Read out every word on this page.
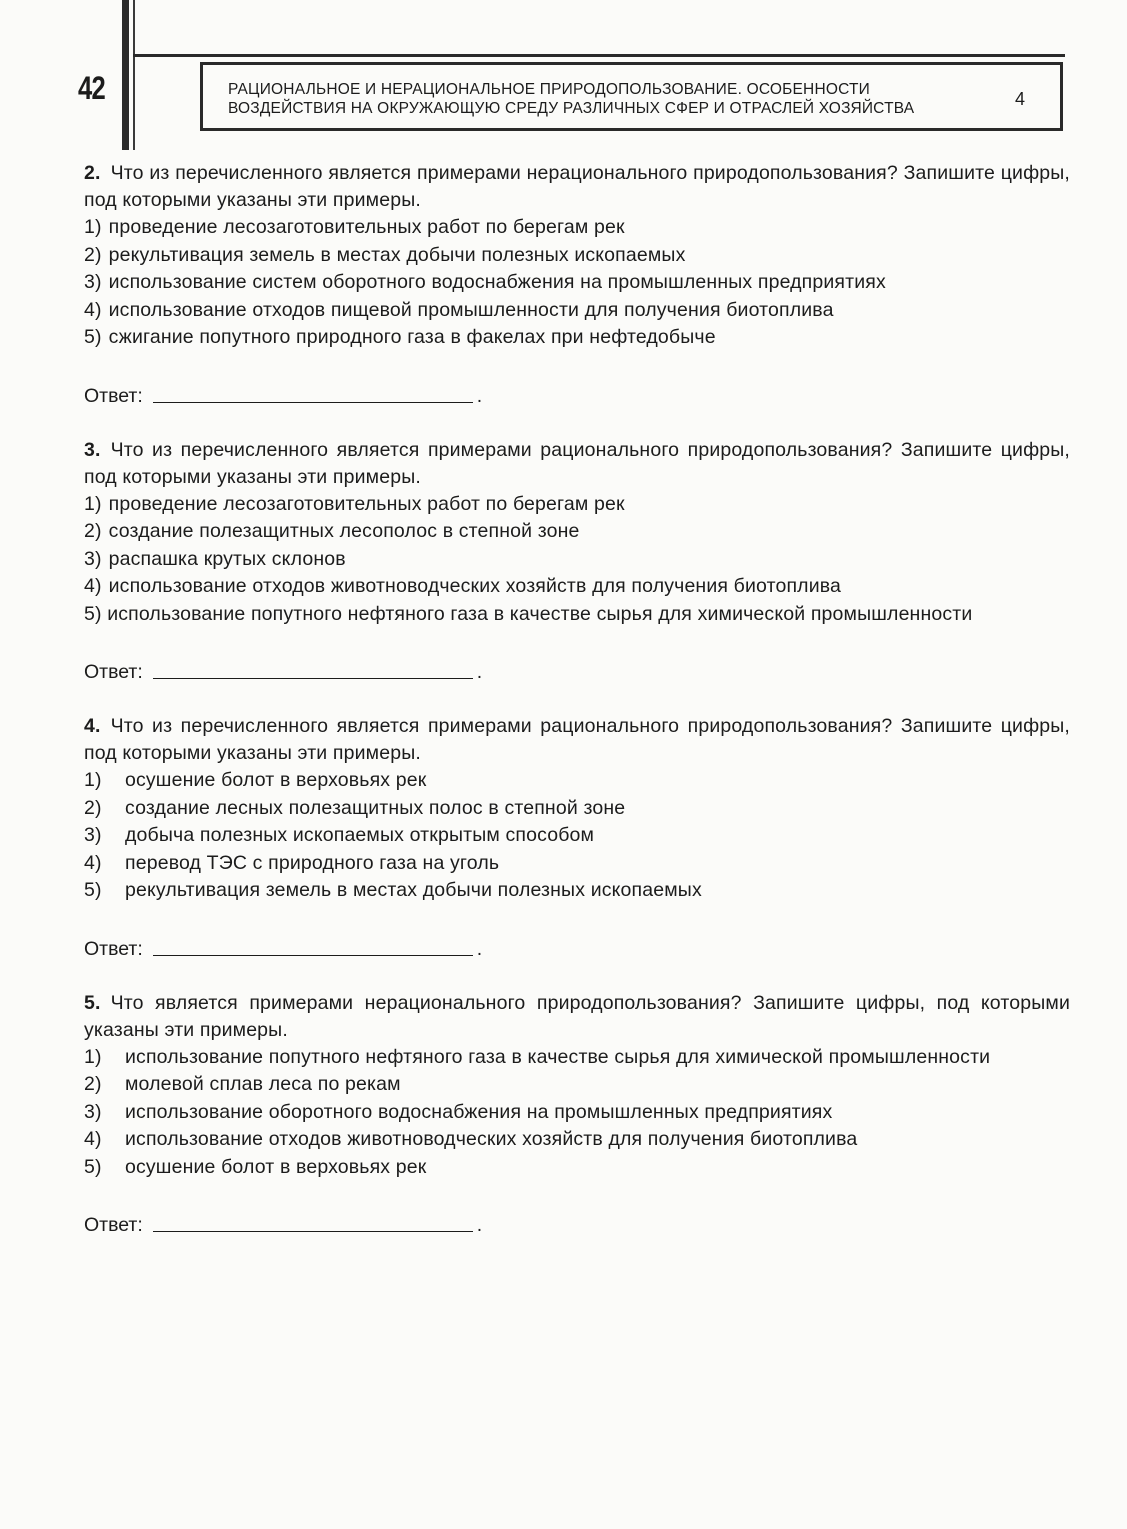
42	РАЦИОНАЛЬНОЕ И НЕРАЦИОНАЛЬНОЕ ПРИРОДОПОЛЬЗОВАНИЕ. ОСОБЕННОСТИ
ВОЗДЕЙСТВИЯ НА ОКРУЖАЮЩУЮ СРЕДУ РАЗЛИЧНЫХ СФЕР И ОТРАСЛЕЙ ХОЗЯЙСТВА	4
2. Что из перечисленного является примерами нерационального природопользования? Запишите цифры, под которыми указаны эти примеры.
1) проведение лесозаготовительных работ по берегам рек
2) рекультивация земель в местах добычи полезных ископаемых
3) использование систем оборотного водоснабжения на промышленных предприятиях
4) использование отходов пищевой промышленности для получения биотоплива
5) сжигание попутного природного газа в факелах при нефтедобыче
Ответ:	.
3. Что из перечисленного является примерами рационального природопользования? Запишите цифры, под которыми указаны эти примеры.
1) проведение лесозаготовительных работ по берегам рек
2) создание полезащитных лесополос в степной зоне
3) распашка крутых склонов
4) использование отходов животноводческих хозяйств для получения биотоплива
5) использование попутного нефтяного газа в качестве сырья для химической промышленности
Ответ:	.
4. Что из перечисленного является примерами рационального природопользования? Запишите цифры, под которыми указаны эти примеры.
1)	осушение болот в верховьях рек
2)	создание лесных полезащитных полос в степной зоне
3)	добыча полезных ископаемых открытым способом
4)	перевод ТЭС с природного газа на уголь
5)	рекультивация земель в местах добычи полезных ископаемых
Ответ:	.
5. Что является примерами нерационального природопользования? Запишите цифры, под которыми указаны эти примеры.
1)	использование попутного нефтяного газа в качестве сырья для химической промышленности
2)	молевой сплав леса по рекам
3)	использование оборотного водоснабжения на промышленных предприятиях
4)	использование отходов животноводческих хозяйств для получения биотоплива
5)	осушение болот в верховьях рек
Ответ:	.
